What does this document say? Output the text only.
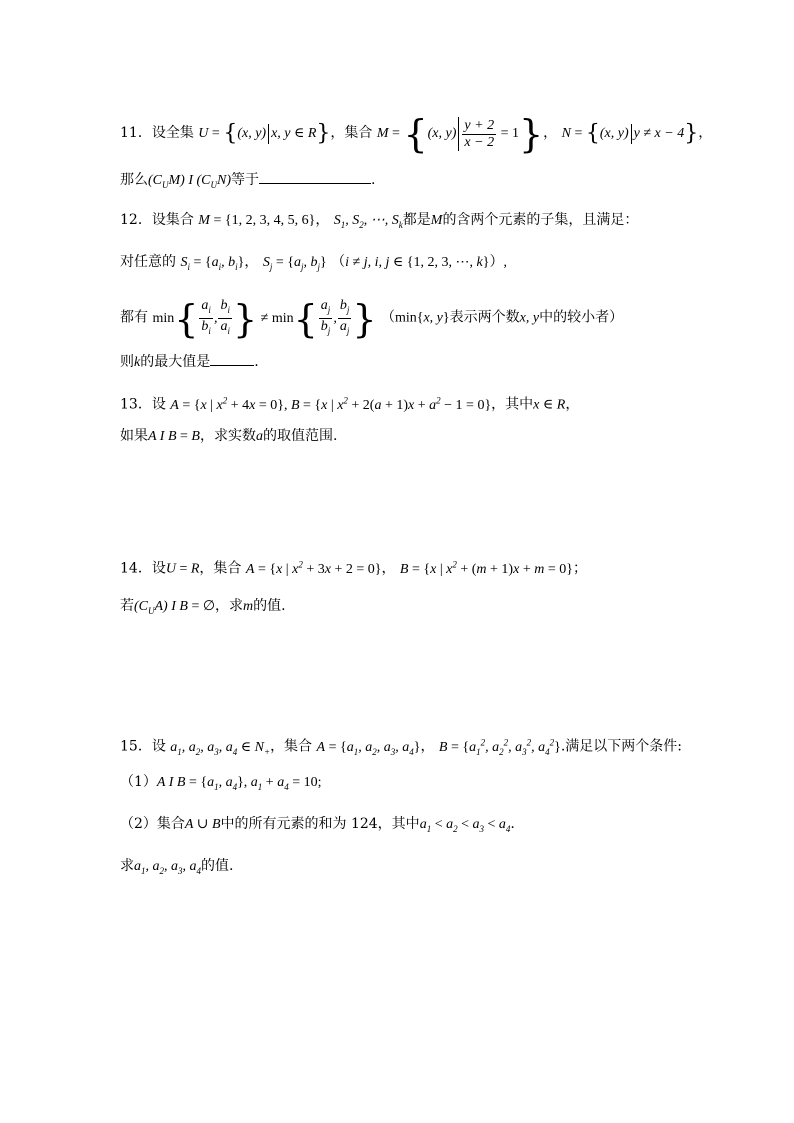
11．设全集 U = {(x, y) x, y ∈ R}，集合 M = {(x, $y) \frac{y + 2}{x - 2} = 1$}， N = {(x, y) y ≠ x − 4}，
那么$(C_UM)$ I $(C_UN)$等于	.
12．设集合 M = {1, 2, 3, 4, 5, 6}， $S_1$, $S_2$, ⋯, $S_k$都是M的含两个元素的子集，且满足：
对任意的 $S_i = \{a_i$, $b_i$}， $S_j = \{a_j$, $b_j$} （i ≠ j, i, j ∈ {1, 2, 3, ⋯, k}）,
都有 $\min\{ \frac{a_i}{b_i}$ , $\frac{b_i}{a_i}$ } ≠ $\min\{ \frac{a_j}{b_j}$ , $\frac{b_j}{a_j}$ } （min{x, y}表示两个数x, y中的较小者）
则k的最大值是	.
13．设 A = {x | $x^2 + 4x = 0$}, B = {x | $x^2 + 2(a + 1)x + a^2 - 1 = 0$}，其中x ∈ R，
如果A I B = B，求实数a的取值范围.
14．设U = R，集合 A = {x | $x^2 + 3x + 2 = 0$}， B = {x | $x^2 + (m + 1)x + m = 0$}；
若$(C_UA)$ I B = ∅，求m的值.
15．设 $a_1$, $a_2$, $a_3$, $a_4$ ∈ $N_+$，集合 $A = \{a_1$, $a_2$, $a_3$, $a_4$}， $B = \{a_1^2$, $a_2^2$, $a_3^2$, $a_4^2$}.满足以下两个条件:
（1）A I $B = \{a_1$, $a_4$}, $a_1 + a_4 = 10$;
（2）集合A ∪ B中的所有元素的和为 124，其中$a_1 < a_2 < a_3 < a_4$.
求$a_1$, $a_2$, $a_3$, $a_4$的值.
